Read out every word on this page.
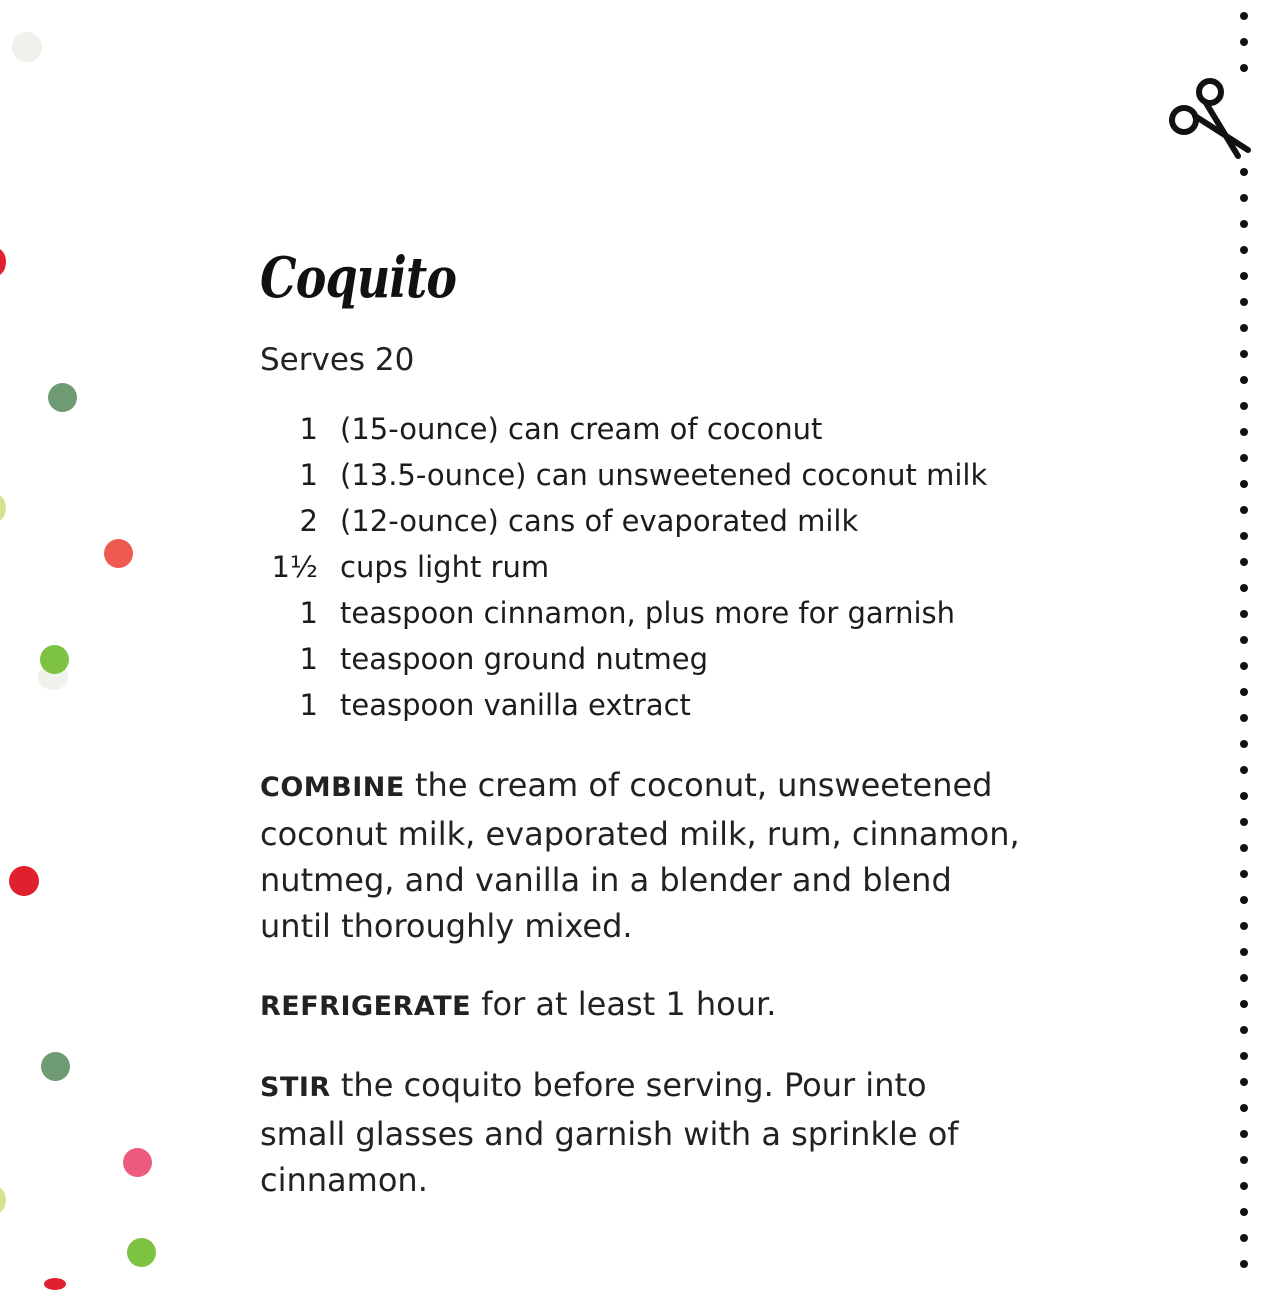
Coquito
Serves 20
1 (15-ounce) can cream of coconut
1 (13.5-ounce) can unsweetened coconut milk
2 (12-ounce) cans of evaporated milk
1½ cups light rum
1 teaspoon cinnamon, plus more for garnish
1 teaspoon ground nutmeg
1 teaspoon vanilla extract

COMBINE the cream of coconut, unsweetened coconut milk, evaporated milk, rum, cinnamon, nutmeg, and vanilla in a blender and blend until thoroughly mixed.

REFRIGERATE for at least 1 hour.

STIR the coquito before serving. Pour into small glasses and garnish with a sprinkle of cinnamon.
